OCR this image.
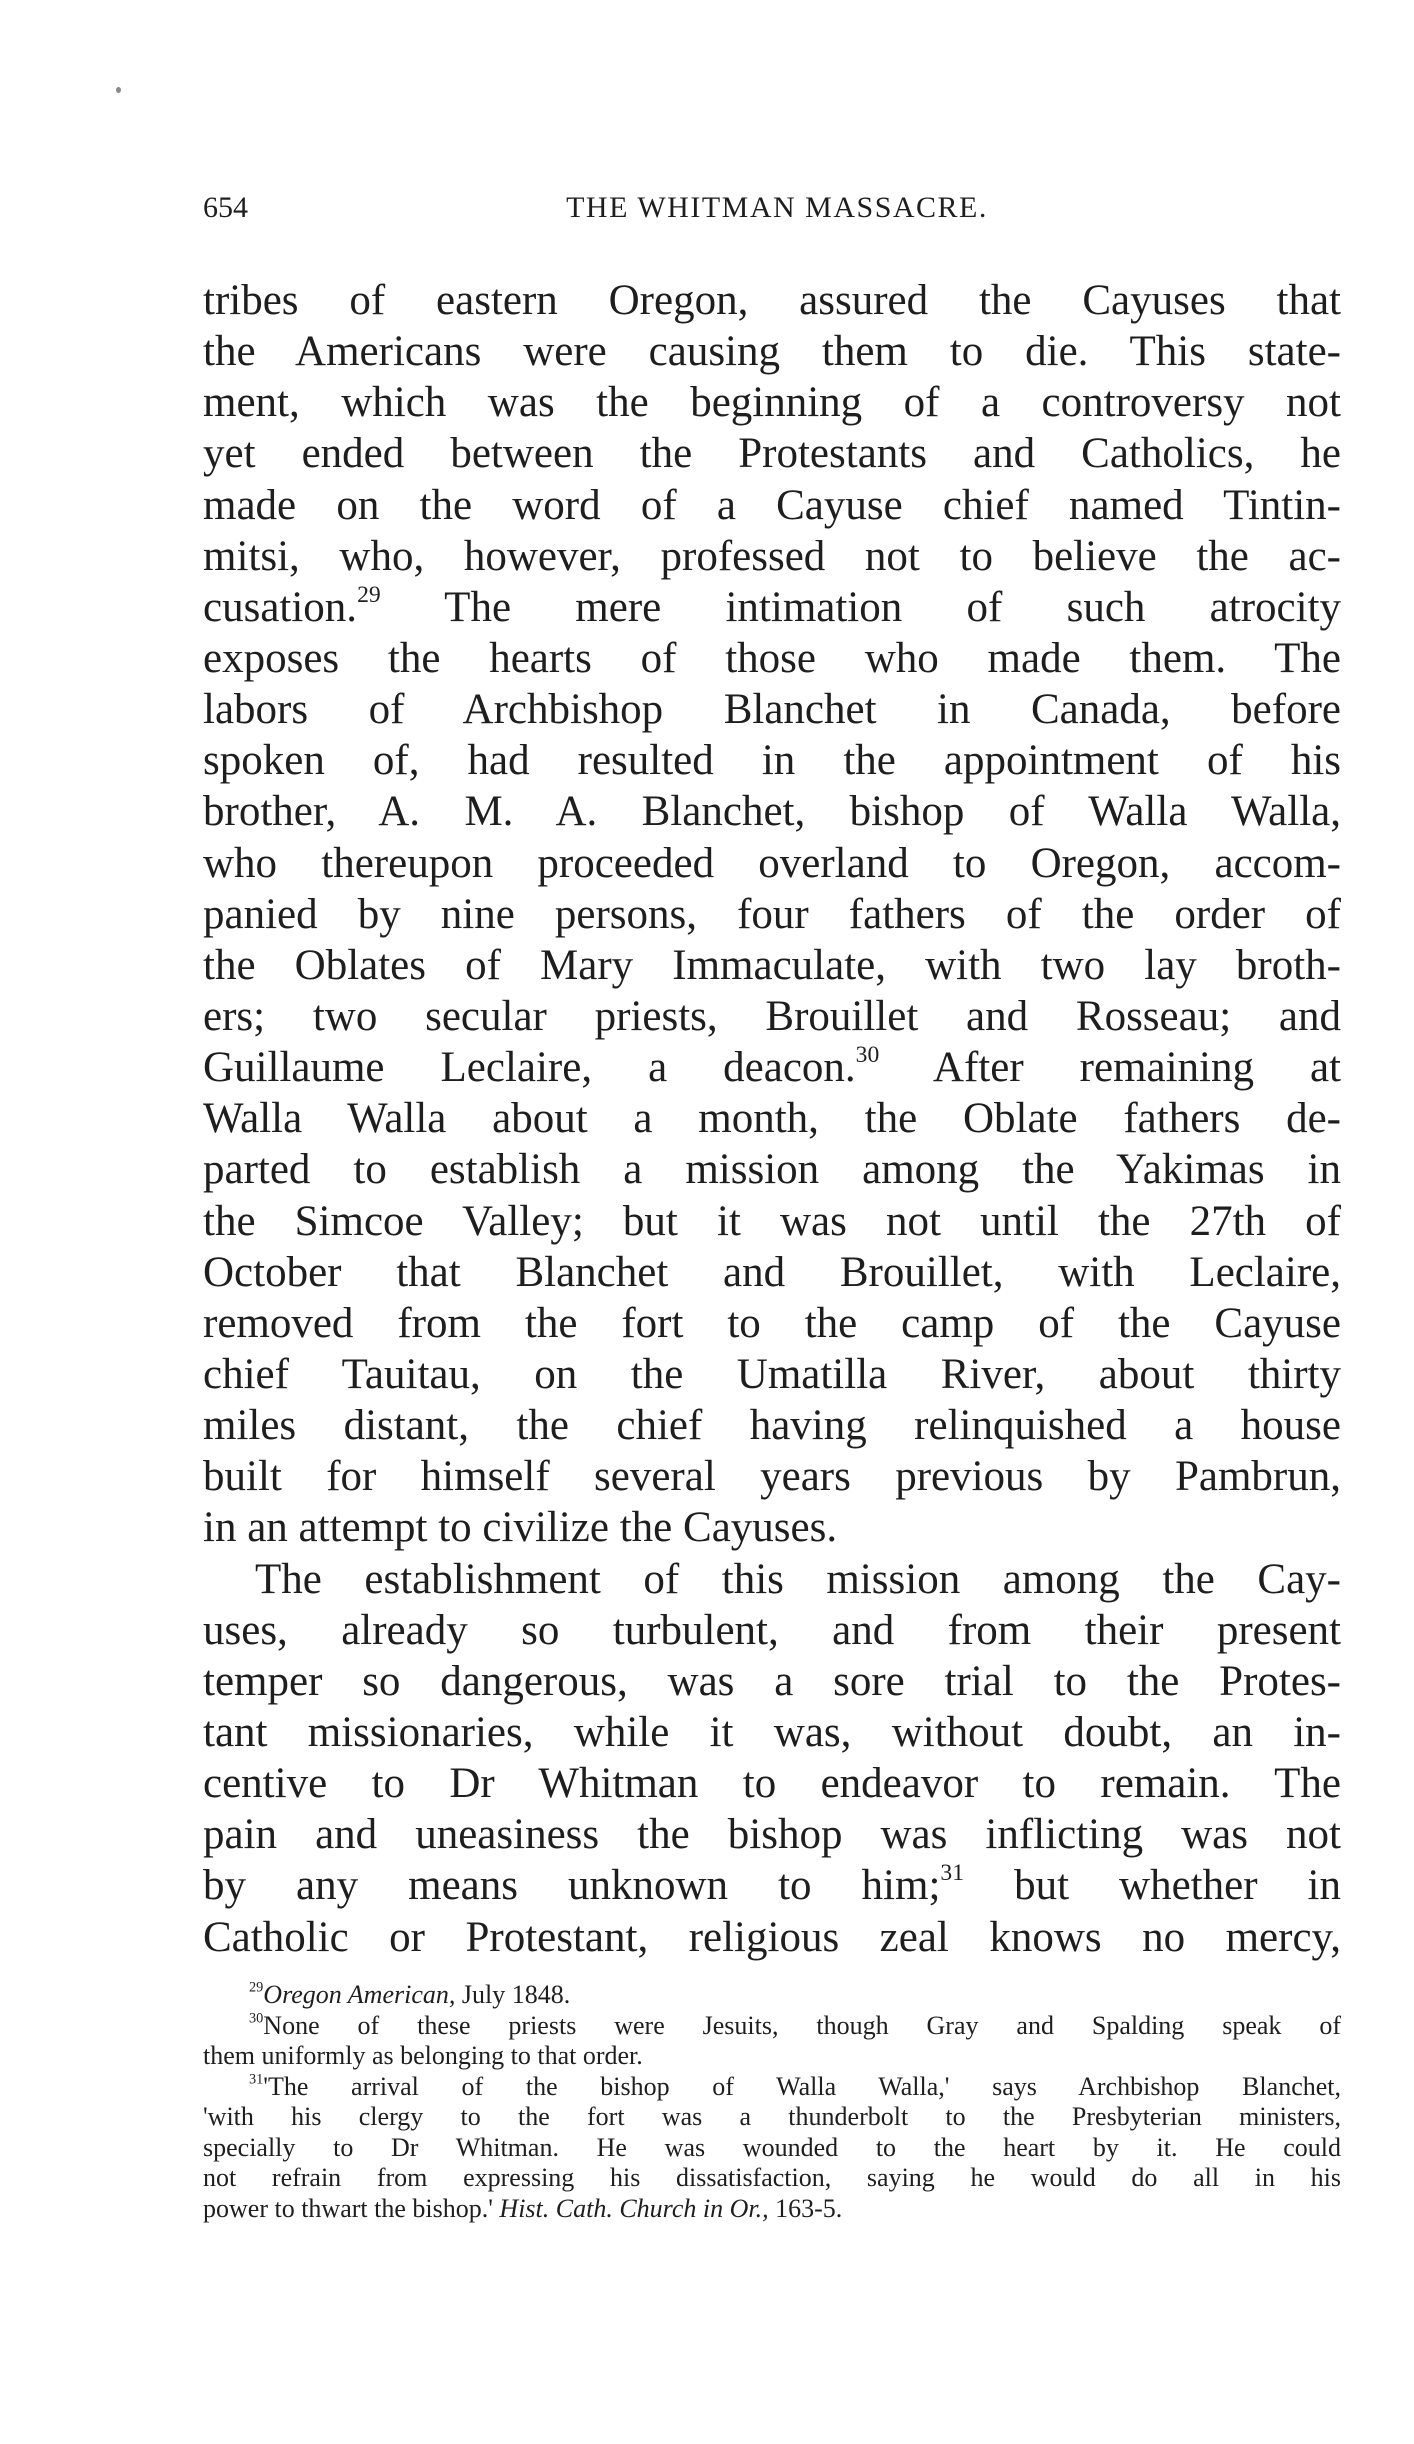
654	THE WHITMAN MASSACRE.
tribes of eastern Oregon, assured the Cayuses that
the Americans were causing them to die. This state-
ment, which was the beginning of a controversy not
yet ended between the Protestants and Catholics, he
made on the word of a Cayuse chief named Tintin-
mitsi, who, however, professed not to believe the ac-
cusation.$^{29}$ The mere intimation of such atrocity
exposes the hearts of those who made them. The
labors of Archbishop Blanchet in Canada, before
spoken of, had resulted in the appointment of his
brother, A. M. A. Blanchet, bishop of Walla Walla,
who thereupon proceeded overland to Oregon, accom-
panied by nine persons, four fathers of the order of
the Oblates of Mary Immaculate, with two lay broth-
ers; two secular priests, Brouillet and Rosseau; and
Guillaume Leclaire, a deacon.$^{30}$ After remaining at
Walla Walla about a month, the Oblate fathers de-
parted to establish a mission among the Yakimas in
the Simcoe Valley; but it was not until the 27th of
October that Blanchet and Brouillet, with Leclaire,
removed from the fort to the camp of the Cayuse
chief Tauitau, on the Umatilla River, about thirty
miles distant, the chief having relinquished a house
built for himself several years previous by Pambrun,
in an attempt to civilize the Cayuses.
The establishment of this mission among the Cay-
uses, already so turbulent, and from their present
temper so dangerous, was a sore trial to the Protes-
tant missionaries, while it was, without doubt, an in-
centive to Dr Whitman to endeavor to remain. The
pain and uneasiness the bishop was inflicting was not
by any means unknown to him;$^{31}$ but whether in
Catholic or Protestant, religious zeal knows no mercy,
$^{29}$Oregon American, July 1848.
$^{30}$None of these priests were Jesuits, though Gray and Spalding speak of
them uniformly as belonging to that order.
$^{31}$'The arrival of the bishop of Walla Walla,' says Archbishop Blanchet,
'with his clergy to the fort was a thunderbolt to the Presbyterian ministers,
specially to Dr Whitman. He was wounded to the heart by it. He could
not refrain from expressing his dissatisfaction, saying he would do all in his
power to thwart the bishop.' Hist. Cath. Church in Or., 163-5.
